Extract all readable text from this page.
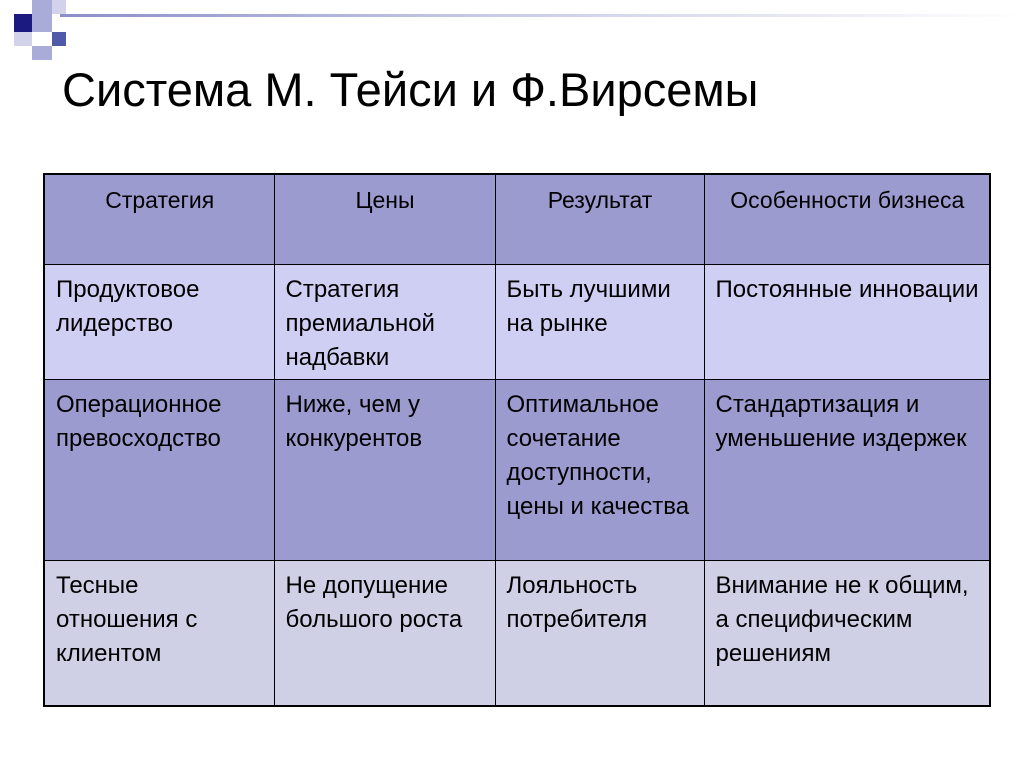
Система М. Тейси и Ф.Вирсемы
Стратегия	Цены	Результат	Особенности бизнеса
Продуктовое лидерство	Стратегия премиальной надбавки	Быть лучшими на рынке	Постоянные инновации
Операционное превосходство	Ниже, чем у конкурентов	Оптимальное сочетание доступности, цены и качества	Стандартизация и уменьшение издержек
Тесные отношения с клиентом	Не допущение большого роста	Лояльность потребителя	Внимание не к общим, а специфическим решениям
